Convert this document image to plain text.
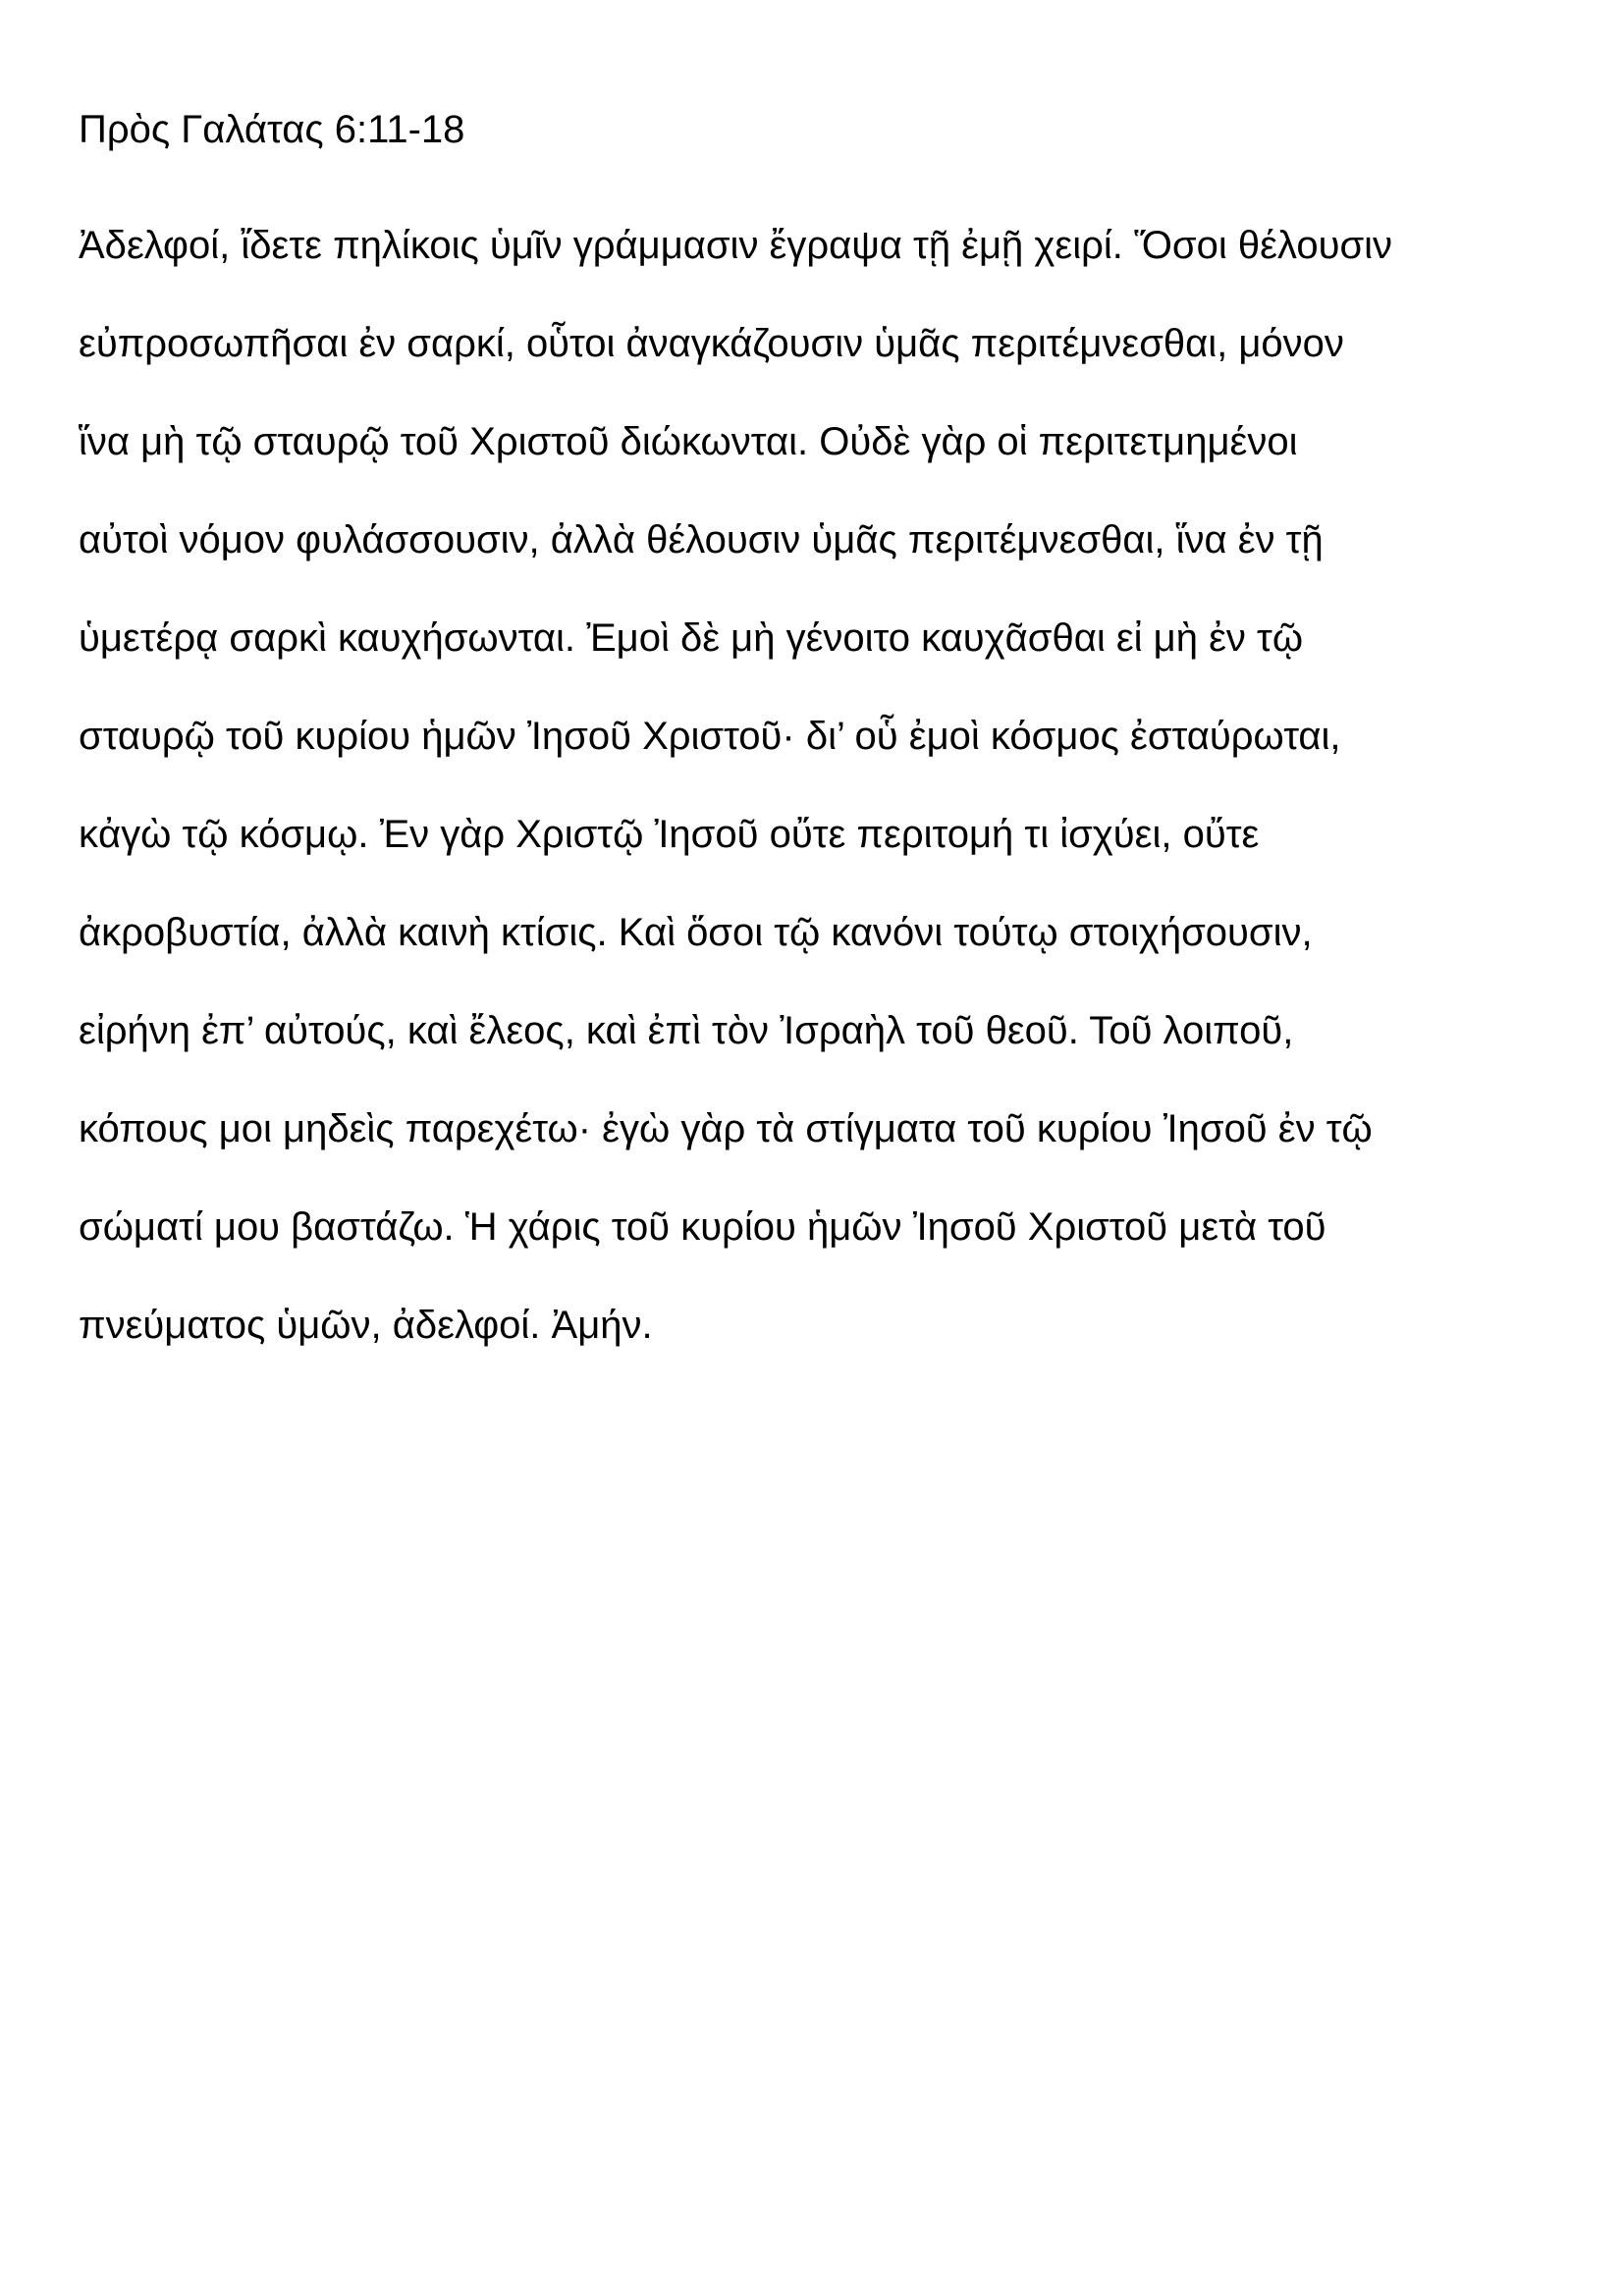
Πρὸς Γαλάτας 6:11-18
Ἀδελφοί, ἴδετε πηλίκοις ὑμῖν γράμμασιν ἔγραψα τῇ ἐμῇ χειρί. Ὅσοι θέλουσιν
εὐπροσωπῆσαι ἐν σαρκί, οὗτοι ἀναγκάζουσιν ὑμᾶς περιτέμνεσθαι, μόνον
ἵνα μὴ τῷ σταυρῷ τοῦ Χριστοῦ διώκωνται. Οὐδὲ γὰρ οἱ περιτετμημένοι
αὐτοὶ νόμον φυλάσσουσιν, ἀλλὰ θέλουσιν ὑμᾶς περιτέμνεσθαι, ἵνα ἐν τῇ
ὑμετέρᾳ σαρκὶ καυχήσωνται. Ἐμοὶ δὲ μὴ γένοιτο καυχᾶσθαι εἰ μὴ ἐν τῷ
σταυρῷ τοῦ κυρίου ἡμῶν Ἰησοῦ Χριστοῦ· δι’ οὗ ἐμοὶ κόσμος ἐσταύρωται,
κἀγὼ τῷ κόσμῳ. Ἐν γὰρ Χριστῷ Ἰησοῦ οὔτε περιτομή τι ἰσχύει, οὔτε
ἀκροβυστία, ἀλλὰ καινὴ κτίσις. Καὶ ὅσοι τῷ κανόνι τούτῳ στοιχήσουσιν,
εἰρήνη ἐπ’ αὐτούς, καὶ ἔλεος, καὶ ἐπὶ τὸν Ἰσραὴλ τοῦ θεοῦ. Τοῦ λοιποῦ,
κόπους μοι μηδεὶς παρεχέτω· ἐγὼ γὰρ τὰ στίγματα τοῦ κυρίου Ἰησοῦ ἐν τῷ
σώματί μου βαστάζω. Ἡ χάρις τοῦ κυρίου ἡμῶν Ἰησοῦ Χριστοῦ μετὰ τοῦ
πνεύματος ὑμῶν, ἀδελφοί. Ἀμήν.
